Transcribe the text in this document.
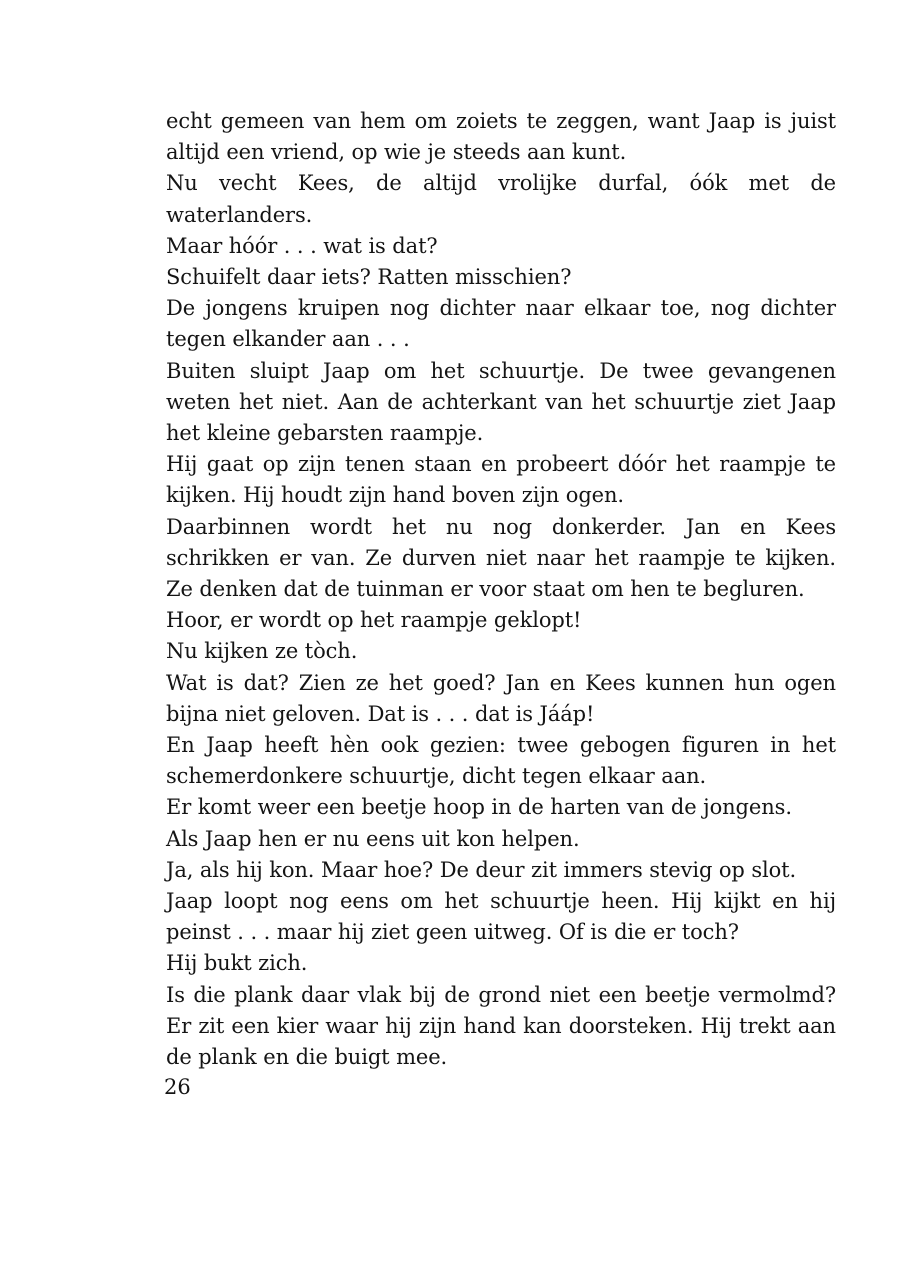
echt gemeen van hem om zoiets te zeggen, want Jaap is juist altijd een vriend, op wie je steeds aan kunt.

Nu vecht Kees, de altijd vrolijke durfal, óók met de waterlanders.

Maar hóór . . . wat is dat?

Schuifelt daar iets? Ratten misschien?

De jongens kruipen nog dichter naar elkaar toe, nog dichter tegen elkander aan . . .

Buiten sluipt Jaap om het schuurtje. De twee gevangenen weten het niet. Aan de achterkant van het schuurtje ziet Jaap het kleine gebarsten raampje.

Hij gaat op zijn tenen staan en probeert dóór het raampje te kijken. Hij houdt zijn hand boven zijn ogen.

Daarbinnen wordt het nu nog donkerder. Jan en Kees schrikken er van. Ze durven niet naar het raampje te kijken. Ze denken dat de tuinman er voor staat om hen te begluren.

Hoor, er wordt op het raampje geklopt!

Nu kijken ze tòch.

Wat is dat? Zien ze het goed? Jan en Kees kunnen hun ogen bijna niet geloven. Dat is . . . dat is Jááp!

En Jaap heeft hèn ook gezien: twee gebogen figuren in het schemerdonkere schuurtje, dicht tegen elkaar aan.

Er komt weer een beetje hoop in de harten van de jongens.

Als Jaap hen er nu eens uit kon helpen.

Ja, als hij kon. Maar hoe? De deur zit immers stevig op slot.

Jaap loopt nog eens om het schuurtje heen. Hij kijkt en hij peinst . . . maar hij ziet geen uitweg. Of is die er toch?

Hij bukt zich.

Is die plank daar vlak bij de grond niet een beetje vermolmd? Er zit een kier waar hij zijn hand kan doorsteken. Hij trekt aan de plank en die buigt mee.

26
